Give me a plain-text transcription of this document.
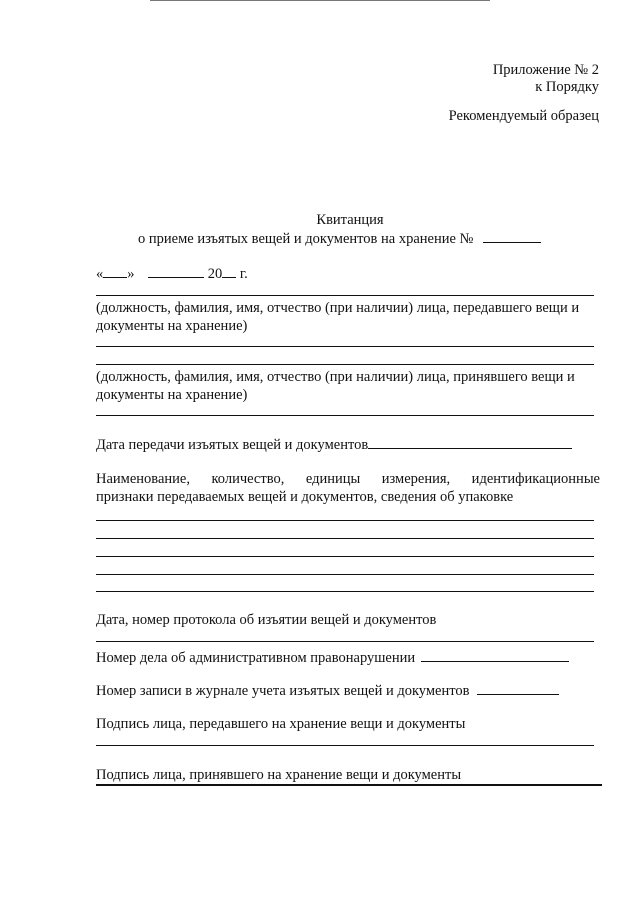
Приложение № 2
к Порядку
Рекомендуемый образец
Квитанция
о приеме изъятых вещей и документов на хранение №
« »	20 г.
(должность, фамилия, имя, отчество (при наличии) лица, передавшего вещи и
документы на хранение)
(должность, фамилия, имя, отчество (при наличии) лица, принявшего вещи и
документы на хранение)
Дата передачи изъятых вещей и документов
Наименование, количество, единицы измерения, идентификационные
признаки передаваемых вещей и документов, сведения об упаковке
Дата, номер протокола об изъятии вещей и документов
Номер дела об административном правонарушении
Номер записи в журнале учета изъятых вещей и документов
Подпись лица, передавшего на хранение вещи и документы
Подпись лица, принявшего на хранение вещи и документы
